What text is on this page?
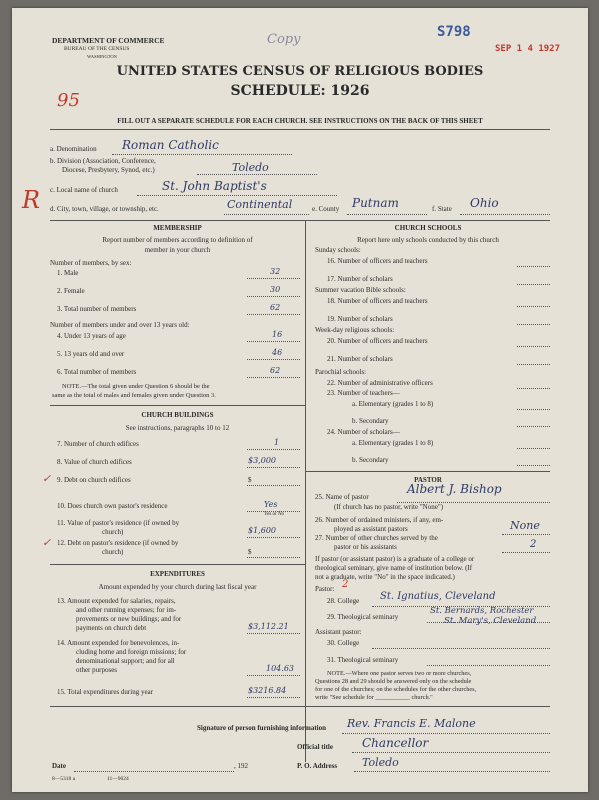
DEPARTMENT OF COMMERCE
BUREAU OF THE CENSUS
WASHINGTON
Copy	S798
SEP 1 4 1927
UNITED STATES CENSUS OF RELIGIOUS BODIES
SCHEDULE: 1926
95
FILL OUT A SEPARATE SCHEDULE FOR EACH CHURCH. SEE INSTRUCTIONS ON THE BACK OF THIS SHEET
R
a. Denomination Roman Catholic
b. Division (Association, Conference,
Diocese, Presbytery, Synod, etc.)	Toledo
c. Local name of church	St. John Baptist's
d. City, town, village, or township, etc.	Continental	e. County Putnam	f. State Ohio
MEMBERSHIP
Report number of members according to definition of
member in your church
Number of members, by sex:
1. Male	32
2. Female	30
3. Total number of members	62
Number of members under and over 13 years old:
4. Under 13 years of age	16
5. 13 years old and over	46
6. Total number of members	62
NOTE.—The total given under Question 6 should be the
same as the total of males and females given under Question 3.
CHURCH BUILDINGS
See instructions, paragraphs 10 to 12
7. Number of church edifices	1
8. Value of church edifices	$3,000
✓ 9. Debt on church edifices	$
10. Does church own pastor's residence	Yes
Yes or No
11. Value of pastor's residence (if owned by
church)	$1,600
✓ 12. Debt on pastor's residence (if owned by
church)	$
EXPENDITURES
Amount expended by your church during last fiscal year
13. Amount expended for salaries, repairs,
and other running expenses; for im-
provements or new buildings; and for
payments on church debt	$3,112.21
14. Amount expended for benevolences, in-
cluding home and foreign missions; for
denominational support; and for all
other purposes	104.63
15. Total expenditures during year	$3216.84
CHURCH SCHOOLS
Report here only schools conducted by this church
Sunday schools:
16. Number of officers and teachers
17. Number of scholars
Summer vacation Bible schools:
18. Number of officers and teachers
19. Number of scholars
Week-day religious schools:
20. Number of officers and teachers
21. Number of scholars
Parochial schools:
22. Number of administrative officers
23. Number of teachers—
a. Elementary (grades 1 to 8)
b. Secondary
24. Number of scholars—
a. Elementary (grades 1 to 8)
b. Secondary
PASTOR
25. Name of pastor
Albert J. Bishop
(If church has no pastor, write "None")
26. Number of ordained ministers, if any, em-
ployed as assistant pastors	None
27. Number of other churches served by the
pastor or his assistants	2
If pastor (or assistant pastor) is a graduate of a college or
theological seminary, give name of institution below. (If
not a graduate, write "No" in the space indicated.)
Pastor: 2
28. College St. Ignatius, Cleveland
29. Theological seminary
St. Bernards, Rochester
St. Mary's, Cleveland
Assistant pastor:
30. College
31. Theological seminary
NOTE.—Where one pastor serves two or more churches,
Questions 28 and 29 should be answered only on the schedule
for one of the churches; on the schedules for the other churches,
write "See schedule for ___________ church."
Signature of person furnishing information Rev. Francis E. Malone
Official title Chancellor
Date	, 192	P. O. Address Toledo
8—5318 a	11—9024
